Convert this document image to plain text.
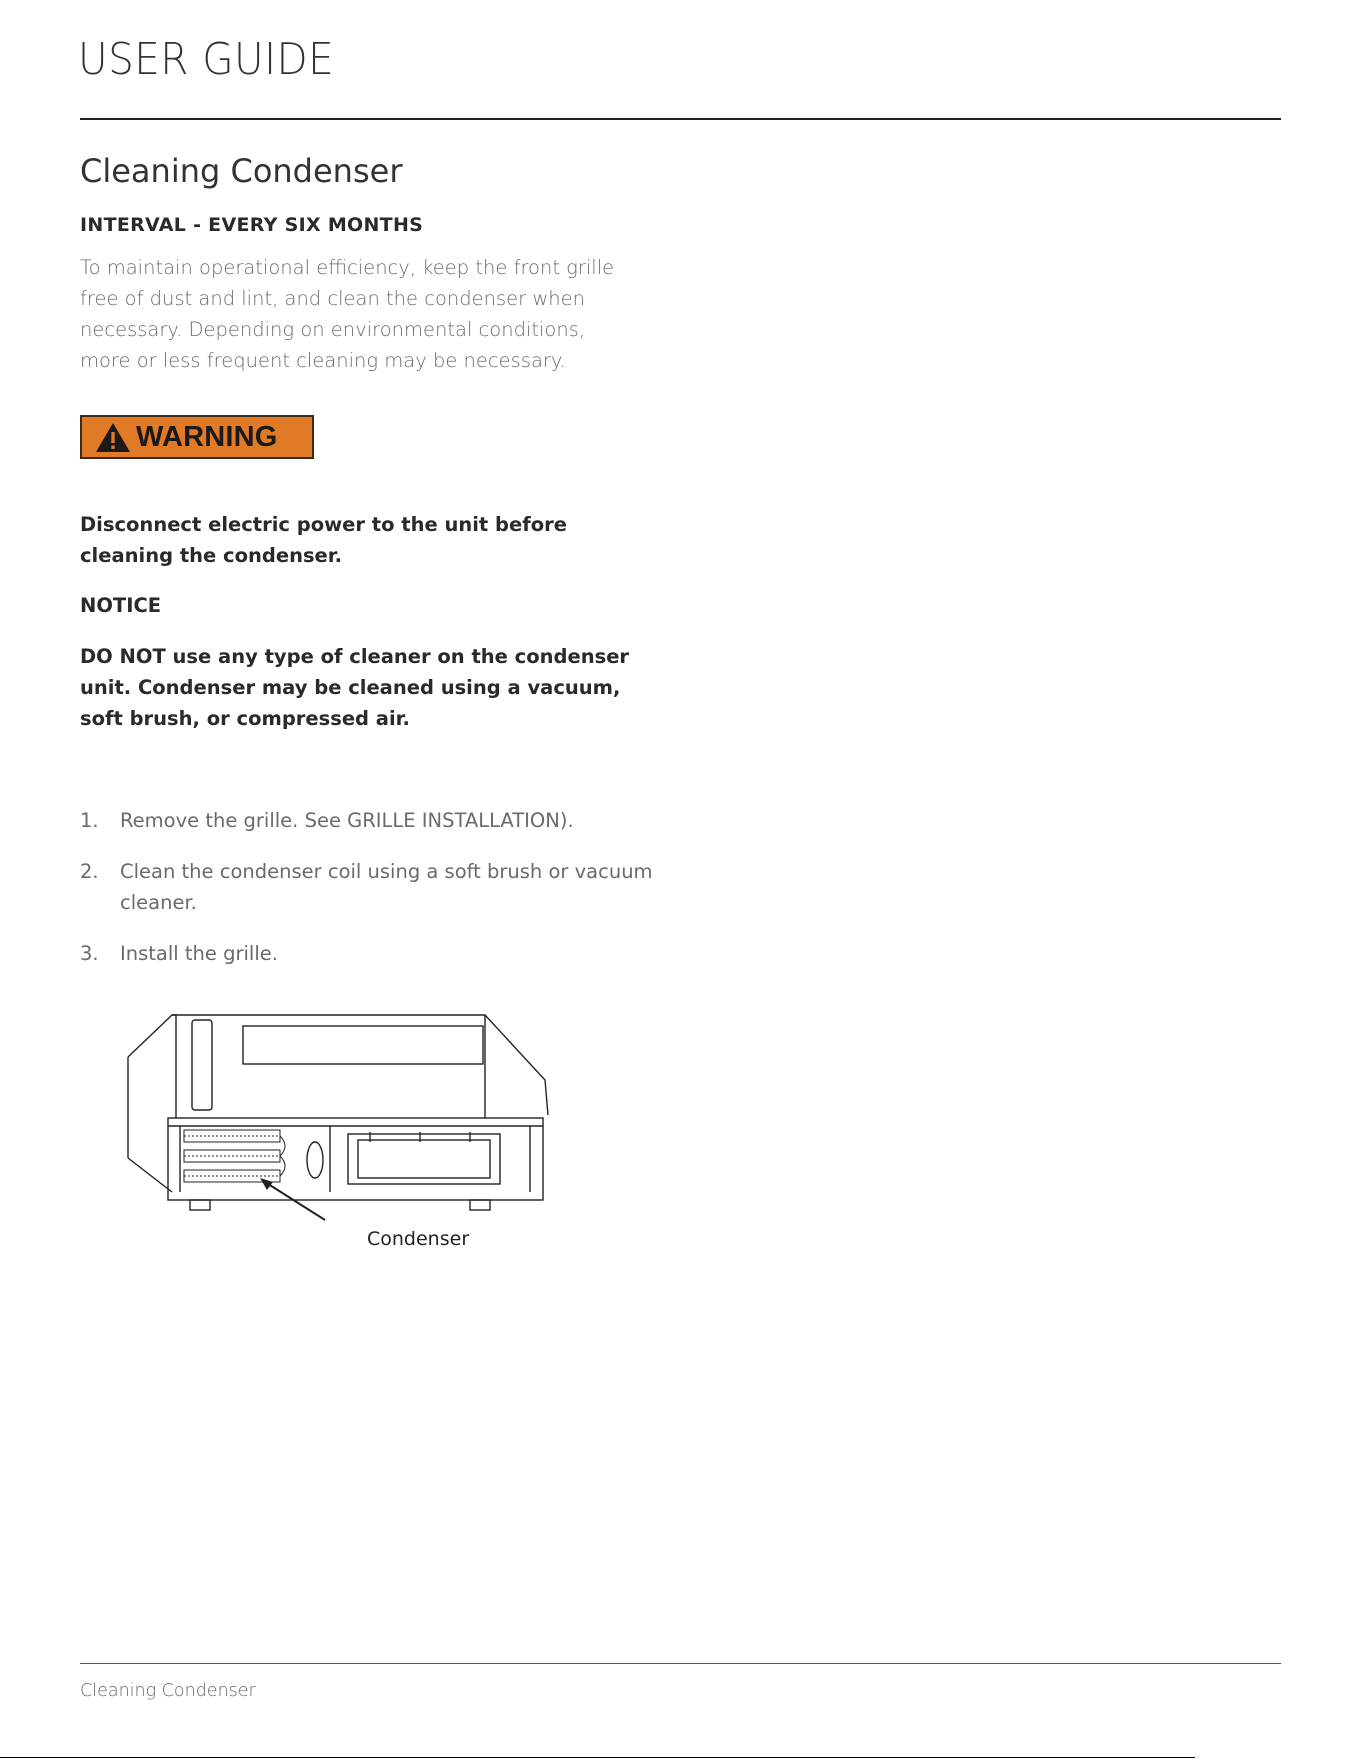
USER GUIDE
Cleaning Condenser
INTERVAL - EVERY SIX MONTHS
To maintain operational efficiency, keep the front grille free of dust and lint, and clean the condenser when necessary. Depending on environmental conditions, more or less frequent cleaning may be necessary.
WARNING
Disconnect electric power to the unit before cleaning the condenser.
NOTICE
DO NOT use any type of cleaner on the condenser unit. Condenser may be cleaned using a vacuum, soft brush, or compressed air.
1.	Remove the grille. See GRILLE INSTALLATION).
2.	Clean the condenser coil using a soft brush or vacuum cleaner.
3.	Install the grille.
Condenser
Cleaning Condenser
